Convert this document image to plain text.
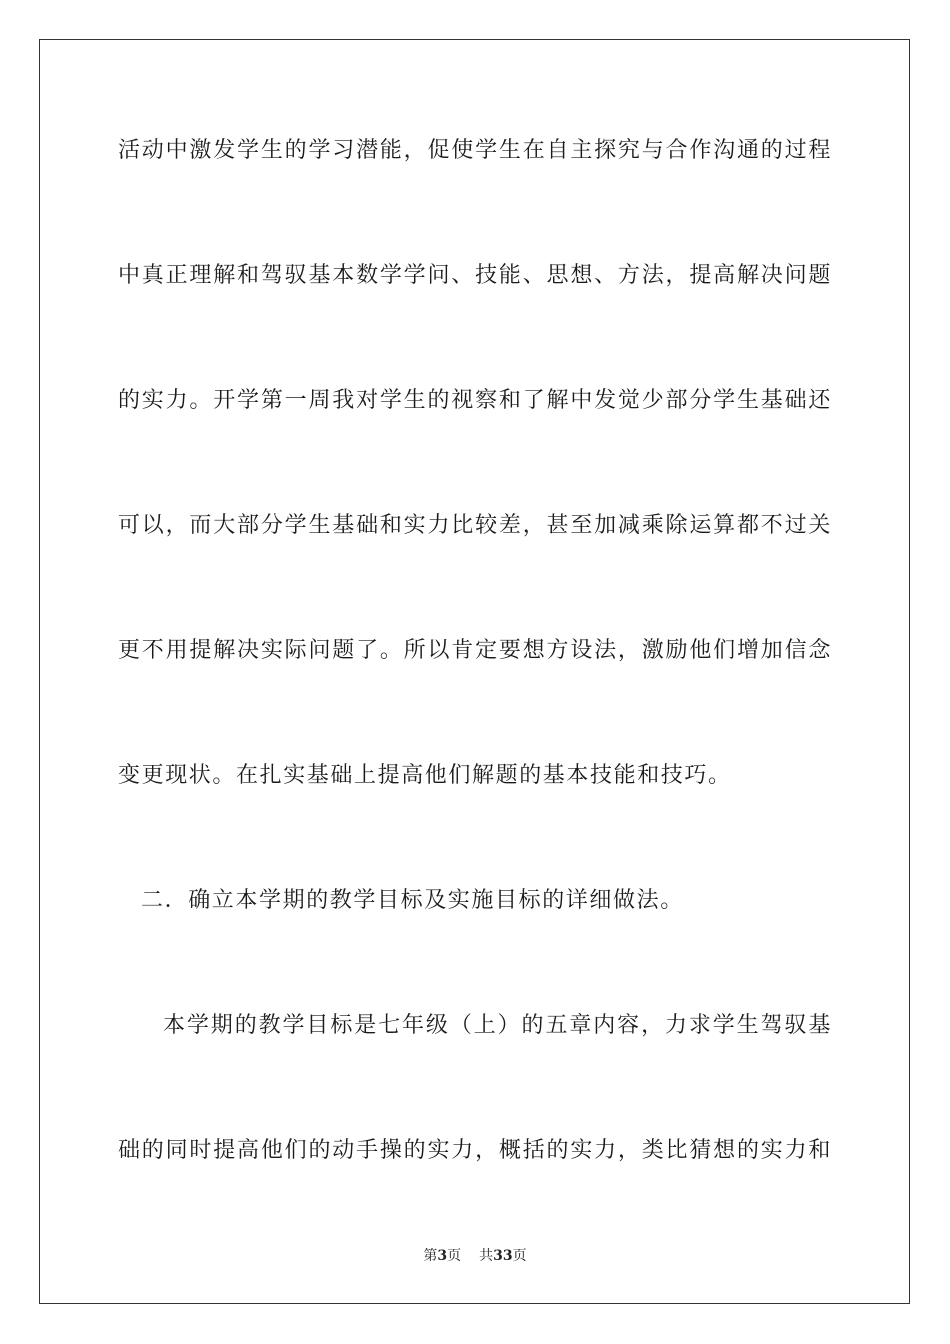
活动中激发学生的学习潜能，促使学生在自主探究与合作沟通的过程
中真正理解和驾驭基本数学学问、技能、思想、方法，提高解决问题
的实力。开学第一周我对学生的视察和了解中发觉少部分学生基础还
可以，而大部分学生基础和实力比较差，甚至加减乘除运算都不过关
更不用提解决实际问题了。所以肯定要想方设法，激励他们增加信念
变更现状。在扎实基础上提高他们解题的基本技能和技巧。
二．确立本学期的教学目标及实施目标的详细做法。
本学期的教学目标是七年级（上）的五章内容，力求学生驾驭基
础的同时提高他们的动手操的实力，概括的实力，类比猜想的实力和
第3页 共33页
